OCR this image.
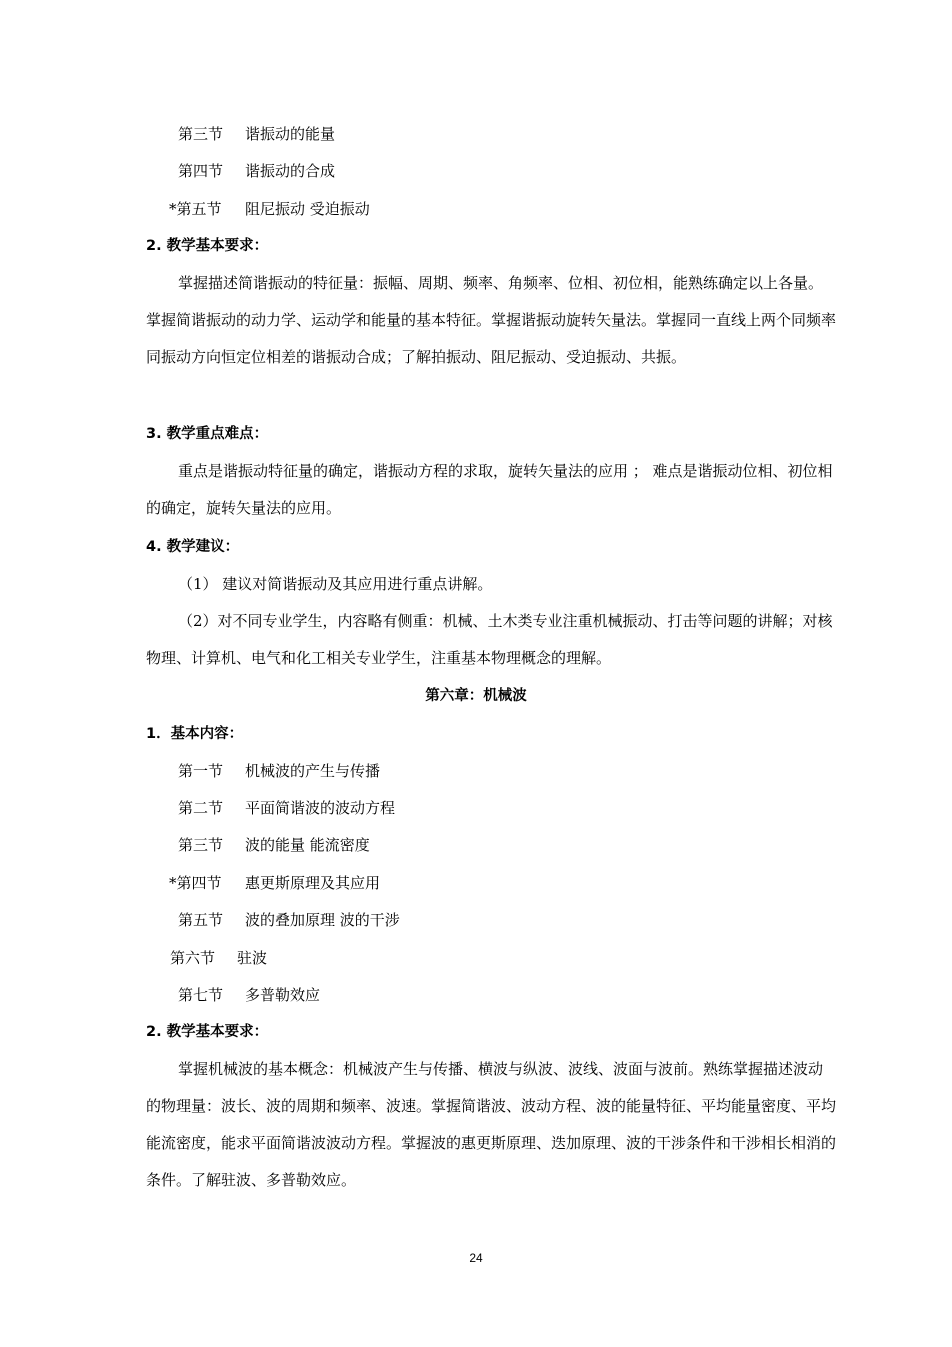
第三节 谐振动的能量
第四节 谐振动的合成
*第五节 阻尼振动 受迫振动
2. 教学基本要求：
掌握描述简谐振动的特征量：振幅、周期、频率、角频率、位相、初位相，能熟练确定以上各量。掌握简谐振动的动力学、运动学和能量的基本特征。掌握谐振动旋转矢量法。掌握同一直线上两个同频率同振动方向恒定位相差的谐振动合成；了解拍振动、阻尼振动、受迫振动、共振。
3. 教学重点难点：
重点是谐振动特征量的确定，谐振动方程的求取，旋转矢量法的应用 ； 难点是谐振动位相、初位相的确定，旋转矢量法的应用。
4. 教学建议：
（1） 建议对简谐振动及其应用进行重点讲解。
（2）对不同专业学生，内容略有侧重：机械、土木类专业注重机械振动、打击等问题的讲解；对核物理、计算机、电气和化工相关专业学生，注重基本物理概念的理解。
第六章：机械波
1．基本内容：
第一节 机械波的产生与传播
第二节 平面简谐波的波动方程
第三节 波的能量 能流密度
*第四节 惠更斯原理及其应用
第五节 波的叠加原理 波的干涉
第六节 驻波
第七节 多普勒效应
2. 教学基本要求：
掌握机械波的基本概念：机械波产生与传播、横波与纵波、波线、波面与波前。熟练掌握描述波动的物理量：波长、波的周期和频率、波速。掌握简谐波、波动方程、波的能量特征、平均能量密度、平均能流密度，能求平面简谐波波动方程。掌握波的惠更斯原理、迭加原理、波的干涉条件和干涉相长相消的条件。了解驻波、多普勒效应。
24
